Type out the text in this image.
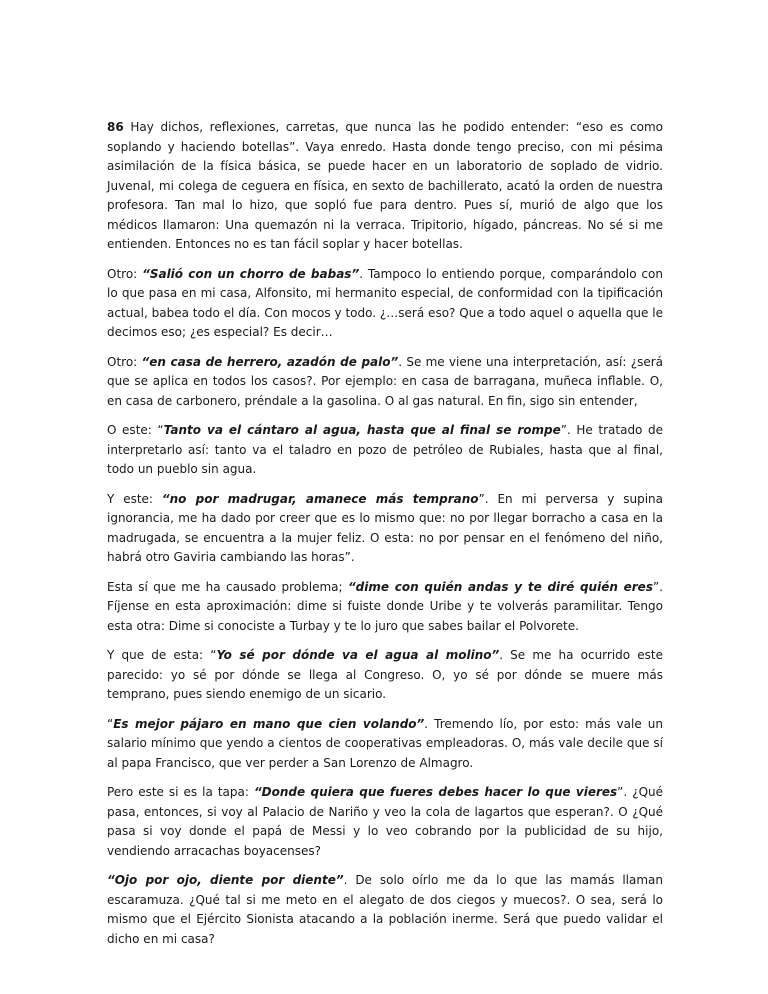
86 Hay dichos, reflexiones, carretas, que nunca las he podido entender: “eso es como soplando y haciendo botellas”. Vaya enredo. Hasta donde tengo preciso, con mi pésima asimilación de la física básica, se puede hacer en un laboratorio de soplado de vidrio. Juvenal, mi colega de ceguera en física, en sexto de bachillerato, acató la orden de nuestra profesora. Tan mal lo hizo, que sopló fue para dentro. Pues sí, murió de algo que los médicos llamaron: Una quemazón ni la verraca. Tripitorio, hígado, páncreas. No sé si me entienden. Entonces no es tan fácil soplar y hacer botellas.

Otro: “Salió con un chorro de babas”. Tampoco lo entiendo porque, comparándolo con lo que pasa en mi casa, Alfonsito, mi hermanito especial, de conformidad con la tipificación actual, babea todo el día. Con mocos y todo. ¿…será eso? Que a todo aquel o aquella que le decimos eso; ¿es especial? Es decir…

Otro: “en casa de herrero, azadón de palo”. Se me viene una interpretación, así: ¿será que se aplica en todos los casos?. Por ejemplo: en casa de barragana, muñeca inflable. O, en casa de carbonero, préndale a la gasolina. O al gas natural. En fin, sigo sin entender,

O este: “Tanto va el cántaro al agua, hasta que al final se rompe”. He tratado de interpretarlo así: tanto va el taladro en pozo de petróleo de Rubiales, hasta que al final, todo un pueblo sin agua.

Y este: “no por madrugar, amanece más temprano”. En mi perversa y supina ignorancia, me ha dado por creer que es lo mismo que: no por llegar borracho a casa en la madrugada, se encuentra a la mujer feliz. O esta: no por pensar en el fenómeno del niño, habrá otro Gaviria cambiando las horas”.

Esta sí que me ha causado problema; “dime con quién andas y te diré quién eres”. Fíjense en esta aproximación: dime si fuiste donde Uribe y te volverás paramilitar. Tengo esta otra: Dime si conociste a Turbay y te lo juro que sabes bailar el Polvorete.

Y que de esta: “Yo sé por dónde va el agua al molino”. Se me ha ocurrido este parecido: yo sé por dónde se llega al Congreso. O, yo sé por dónde se muere más temprano, pues siendo enemigo de un sicario.

“Es mejor pájaro en mano que cien volando”. Tremendo lío, por esto: más vale un salario mínimo que yendo a cientos de cooperativas empleadoras. O, más vale decile que sí al papa Francisco, que ver perder a San Lorenzo de Almagro.

Pero este si es la tapa: “Donde quiera que fueres debes hacer lo que vieres”. ¿Qué pasa, entonces, si voy al Palacio de Nariño y veo la cola de lagartos que esperan?. O ¿Qué pasa si voy donde el papá de Messi y lo veo cobrando por la publicidad de su hijo, vendiendo arracachas boyacenses?

“Ojo por ojo, diente por diente”. De solo oírlo me da lo que las mamás llaman escaramuza. ¿Qué tal si me meto en el alegato de dos ciegos y muecos?. O sea, será lo mismo que el Ejército Sionista atacando a la población inerme. Será que puedo validar el dicho en mi casa?
